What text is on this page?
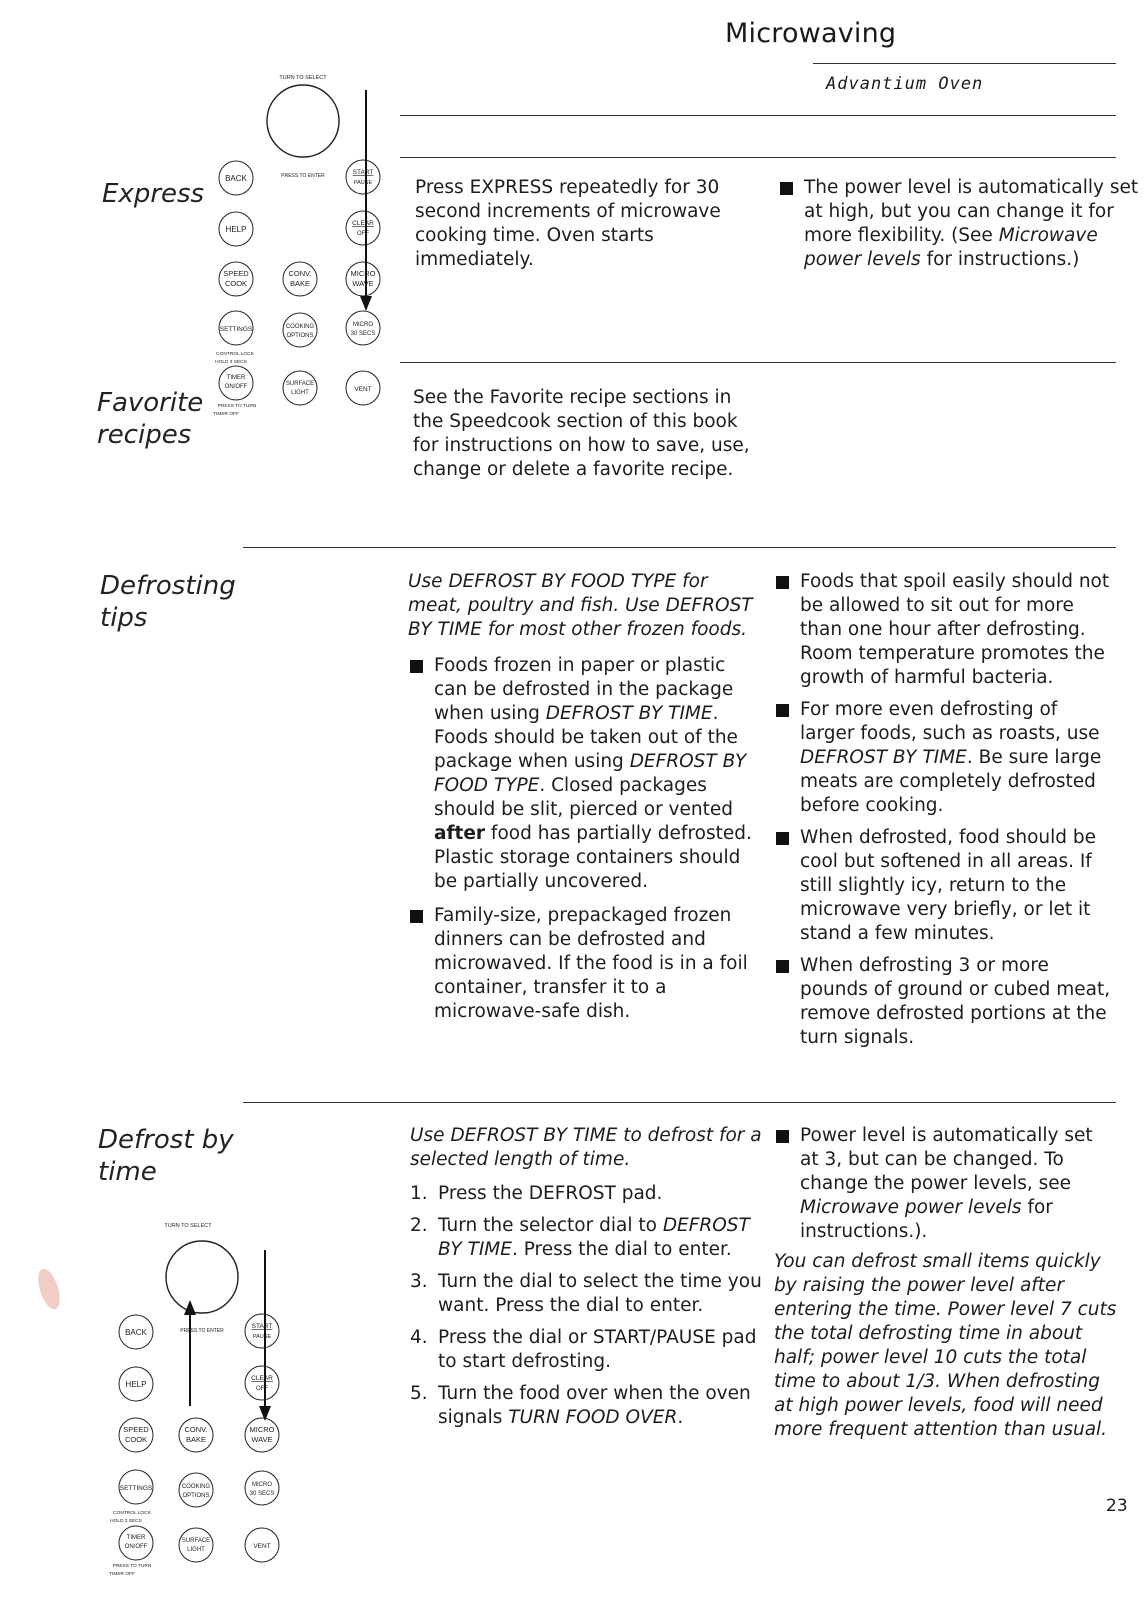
Microwaving
Advantium Oven
TURN TO SELECT
PRESS TO ENTER
BACK
START
PAUSE
HELP
CLEAR
OFF
SPEED
COOK
CONV.
BAKE
MICRO
WAVE
SETTINGS
CONTROL LOCK
HOLD 3 SECS
COOKING
OPTIONS
MICRO
30 SECS
TIMER
ON/OFF
PRESS TO TURN
TIMER OFF
SURFACE
LIGHT	VENT
Express	Press EXPRESS repeatedly for 30 second increments of microwave cooking time. Oven starts immediately.
The power level is automatically set at high, but you can change it for more flexibility. (See Microwave power levels for instructions.)
Favorite
recipes
See the Favorite recipe sections in the Speedcook section of this book for instructions on how to save, use, change or delete a favorite recipe.
Defrosting
tips
Use DEFROST BY FOOD TYPE for meat, poultry and fish. Use DEFROST BY TIME for most other frozen foods.
Foods frozen in paper or plastic can be defrosted in the package when using DEFROST BY TIME. Foods should be taken out of the package when using DEFROST BY FOOD TYPE. Closed packages should be slit, pierced or vented after food has partially defrosted. Plastic storage containers should be partially uncovered.
Family-size, prepackaged frozen dinners can be defrosted and microwaved. If the food is in a foil container, transfer it to a microwave-safe dish.
Foods that spoil easily should not be allowed to sit out for more than one hour after defrosting. Room temperature promotes the growth of harmful bacteria.
For more even defrosting of larger foods, such as roasts, use DEFROST BY TIME. Be sure large meats are completely defrosted before cooking.
When defrosted, food should be cool but softened in all areas. If still slightly icy, return to the microwave very briefly, or let it stand a few minutes.
When defrosting 3 or more pounds of ground or cubed meat, remove defrosted portions at the turn signals.
Defrost by
time
Use DEFROST BY TIME to defrost for a selected length of time.
1. Press the DEFROST pad.
2. Turn the selector dial to DEFROST BY TIME. Press the dial to enter.
3. Turn the dial to select the time you want. Press the dial to enter.
4. Press the dial or START/PAUSE pad to start defrosting.
5. Turn the food over when the oven signals TURN FOOD OVER.
Power level is automatically set at 3, but can be changed. To change the power levels, see Microwave power levels for instructions.).
You can defrost small items quickly by raising the power level after entering the time. Power level 7 cuts the total defrosting time in about half; power level 10 cuts the total time to about 1/3. When defrosting at high power levels, food will need more frequent attention than usual.
TURN TO SELECT
PRESS TO ENTER
BACK
START
PAUSE
HELP
CLEAR
OFF
SPEED
COOK
CONV.
BAKE
MICRO
WAVE
SETTINGS
CONTROL LOCK
HOLD 3 SECS
COOKING
OPTIONS
MICRO
30 SECS
TIMER
ON/OFF
PRESS TO TURN
TIMER OFF
SURFACE
LIGHT	VENT
23
